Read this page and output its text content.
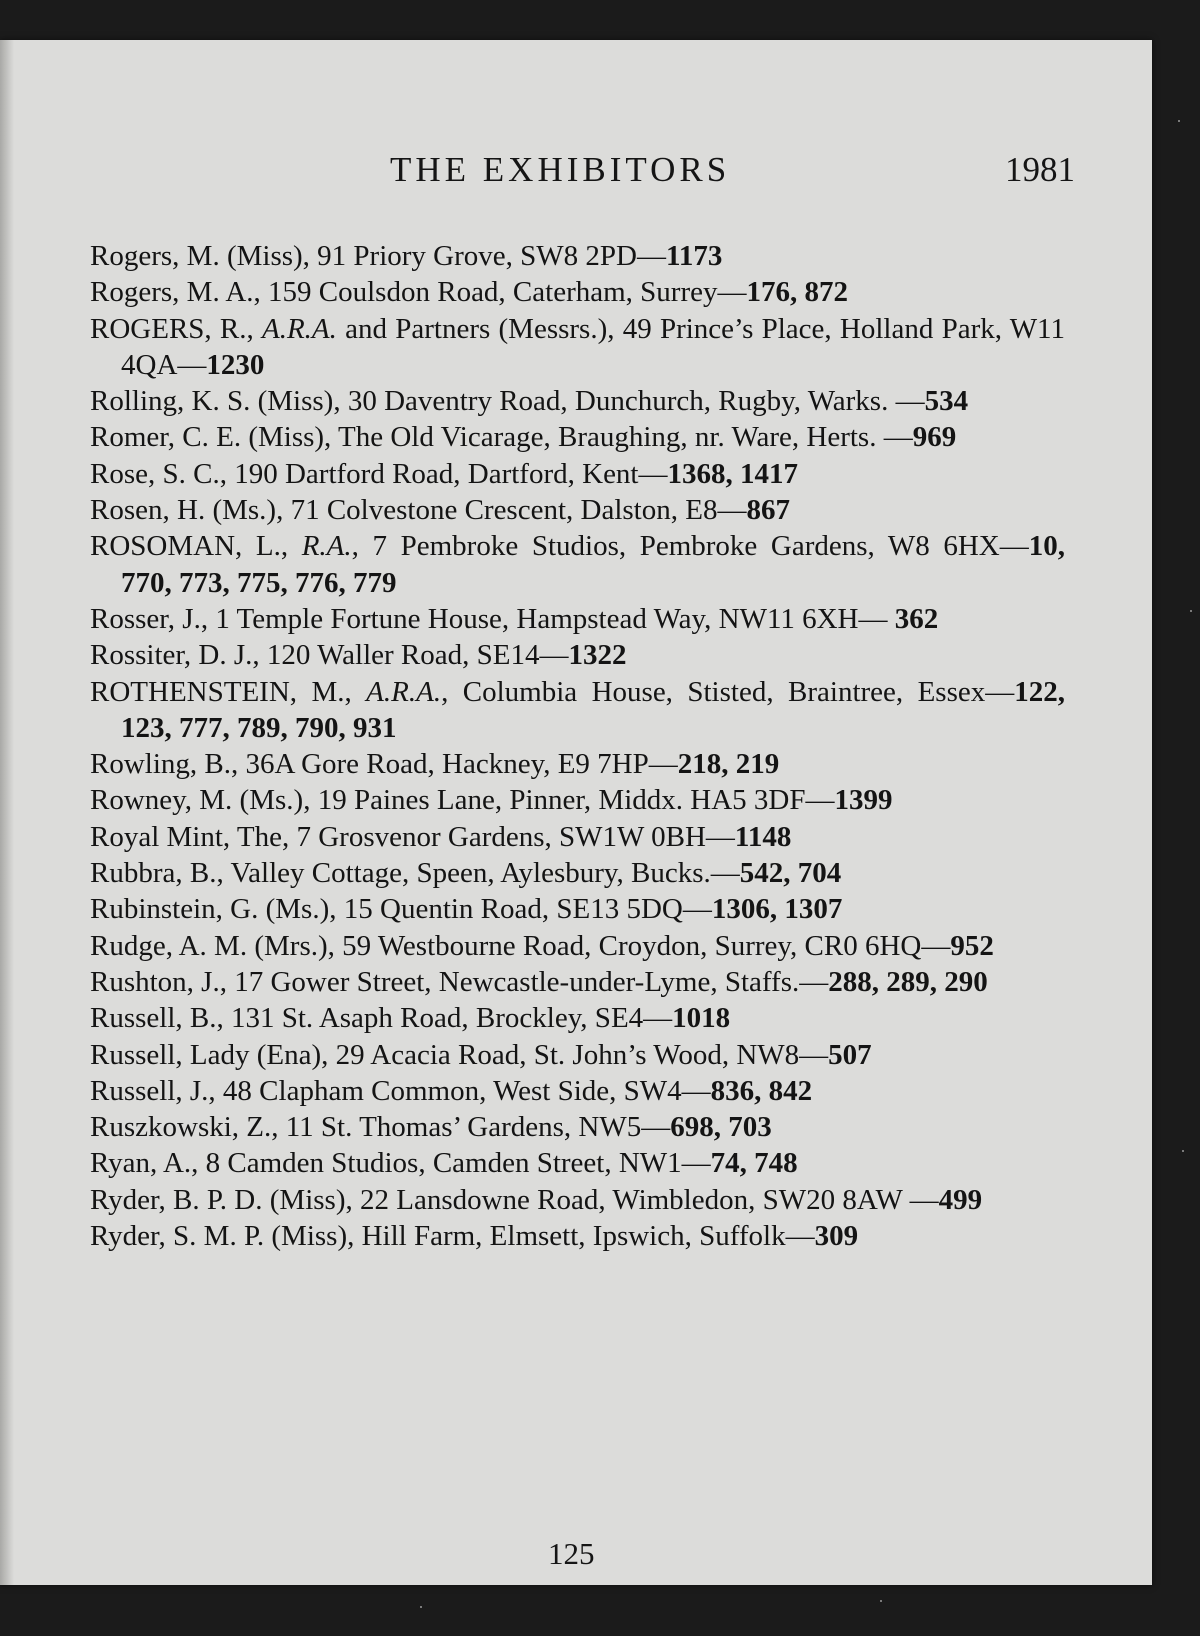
THE EXHIBITORS	1981
Rogers, M. (Miss), 91 Priory Grove, SW8 2PD—1173
Rogers, M. A., 159 Coulsdon Road, Caterham, Surrey—176, 872
ROGERS, R., A.R.A. and Partners (Messrs.), 49 Prince’s Place, Holland Park, W11 4QA—1230
Rolling, K. S. (Miss), 30 Daventry Road, Dunchurch, Rugby, Warks. —534
Romer, C. E. (Miss), The Old Vicarage, Braughing, nr. Ware, Herts. —969
Rose, S. C., 190 Dartford Road, Dartford, Kent—1368, 1417
Rosen, H. (Ms.), 71 Colvestone Crescent, Dalston, E8—867
ROSOMAN, L., R.A., 7 Pembroke Studios, Pembroke Gardens, W8 6HX—10, 770, 773, 775, 776, 779
Rosser, J., 1 Temple Fortune House, Hampstead Way, NW11 6XH— 362
Rossiter, D. J., 120 Waller Road, SE14—1322
ROTHENSTEIN, M., A.R.A., Columbia House, Stisted, Braintree, Essex—122, 123, 777, 789, 790, 931
Rowling, B., 36A Gore Road, Hackney, E9 7HP—218, 219
Rowney, M. (Ms.), 19 Paines Lane, Pinner, Middx. HA5 3DF—1399
Royal Mint, The, 7 Grosvenor Gardens, SW1W 0BH—1148
Rubbra, B., Valley Cottage, Speen, Aylesbury, Bucks.—542, 704
Rubinstein, G. (Ms.), 15 Quentin Road, SE13 5DQ—1306, 1307
Rudge, A. M. (Mrs.), 59 Westbourne Road, Croydon, Surrey, CR0 6HQ—952
Rushton, J., 17 Gower Street, Newcastle-under-Lyme, Staffs.—288, 289, 290
Russell, B., 131 St. Asaph Road, Brockley, SE4—1018
Russell, Lady (Ena), 29 Acacia Road, St. John’s Wood, NW8—507
Russell, J., 48 Clapham Common, West Side, SW4—836, 842
Ruszkowski, Z., 11 St. Thomas’ Gardens, NW5—698, 703
Ryan, A., 8 Camden Studios, Camden Street, NW1—74, 748
Ryder, B. P. D. (Miss), 22 Lansdowne Road, Wimbledon, SW20 8AW —499
Ryder, S. M. P. (Miss), Hill Farm, Elmsett, Ipswich, Suffolk—309
125
